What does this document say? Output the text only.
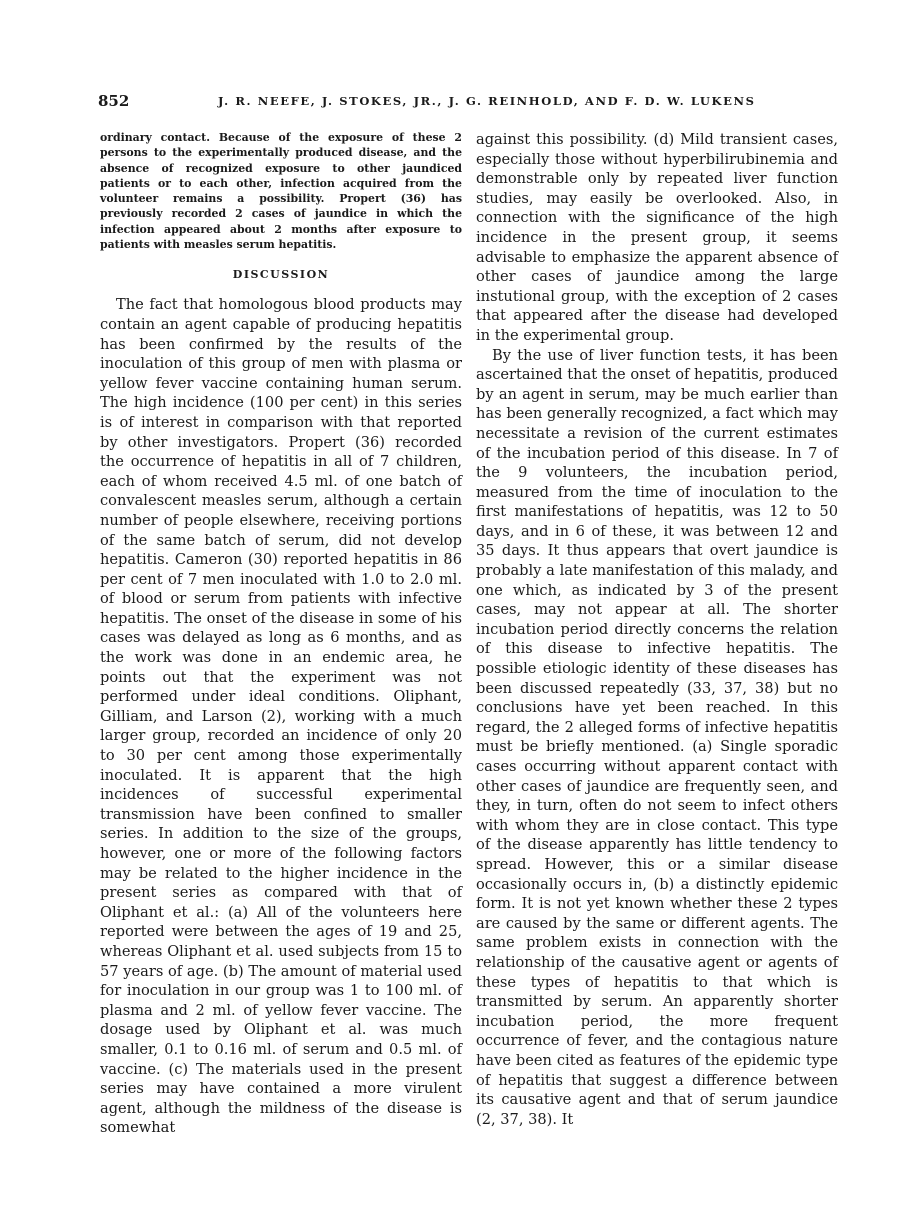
852	J. R. NEEFE, J. STOKES, JR., J. G. REINHOLD, AND F. D. W. LUKENS

ordinary contact. Because of the exposure of these 2 persons to the experimentally produced disease, and the absence of recognized exposure to other jaundiced patients or to each other, infection acquired from the volunteer remains a possibility. Propert (36) has previously recorded 2 cases of jaundice in which the infection appeared about 2 months after exposure to patients with measles serum hepatitis.

DISCUSSION

The fact that homologous blood products may contain an agent capable of producing hepatitis has been confirmed by the results of the inoculation of this group of men with plasma or yellow fever vaccine containing human serum. The high incidence (100 per cent) in this series is of interest in comparison with that reported by other investigators. Propert (36) recorded the occurrence of hepatitis in all of 7 children, each of whom received 4.5 ml. of one batch of convalescent measles serum, although a certain number of people elsewhere, receiving portions of the same batch of serum, did not develop hepatitis. Cameron (30) reported hepatitis in 86 per cent of 7 men inoculated with 1.0 to 2.0 ml. of blood or serum from patients with infective hepatitis. The onset of the disease in some of his cases was delayed as long as 6 months, and as the work was done in an endemic area, he points out that the experiment was not performed under ideal conditions. Oliphant, Gilliam, and Larson (2), working with a much larger group, recorded an incidence of only 20 to 30 per cent among those experimentally inoculated. It is apparent that the high incidences of successful experimental transmission have been confined to smaller series. In addition to the size of the groups, however, one or more of the following factors may be related to the higher incidence in the present series as compared with that of Oliphant et al.: (a) All of the volunteers here reported were between the ages of 19 and 25, whereas Oliphant et al. used subjects from 15 to 57 years of age. (b) The amount of material used for inoculation in our group was 1 to 100 ml. of plasma and 2 ml. of yellow fever vaccine. The dosage used by Oliphant et al. was much smaller, 0.1 to 0.16 ml. of serum and 0.5 ml. of vaccine. (c) The materials used in the present series may have contained a more virulent agent, although the mildness of the disease is somewhat

against this possibility. (d) Mild transient cases, especially those without hyperbilirubinemia and demonstrable only by repeated liver function studies, may easily be overlooked. Also, in connection with the significance of the high incidence in the present group, it seems advisable to emphasize the apparent absence of other cases of jaundice among the large instutional group, with the exception of 2 cases that appeared after the disease had developed in the experimental group.

By the use of liver function tests, it has been ascertained that the onset of hepatitis, produced by an agent in serum, may be much earlier than has been generally recognized, a fact which may necessitate a revision of the current estimates of the incubation period of this disease. In 7 of the 9 volunteers, the incubation period, measured from the time of inoculation to the first manifestations of hepatitis, was 12 to 50 days, and in 6 of these, it was between 12 and 35 days. It thus appears that overt jaundice is probably a late manifestation of this malady, and one which, as indicated by 3 of the present cases, may not appear at all. The shorter incubation period directly concerns the relation of this disease to infective hepatitis. The possible etiologic identity of these diseases has been discussed repeatedly (33, 37, 38) but no conclusions have yet been reached. In this regard, the 2 alleged forms of infective hepatitis must be briefly mentioned. (a) Single sporadic cases occurring without apparent contact with other cases of jaundice are frequently seen, and they, in turn, often do not seem to infect others with whom they are in close contact. This type of the disease apparently has little tendency to spread. However, this or a similar disease occasionally occurs in, (b) a distinctly epidemic form. It is not yet known whether these 2 types are caused by the same or different agents. The same problem exists in connection with the relationship of the causative agent or agents of these types of hepatitis to that which is transmitted by serum. An apparently shorter incubation period, the more frequent occurrence of fever, and the contagious nature have been cited as features of the epidemic type of hepatitis that suggest a difference between its causative agent and that of serum jaundice (2, 37, 38). It
